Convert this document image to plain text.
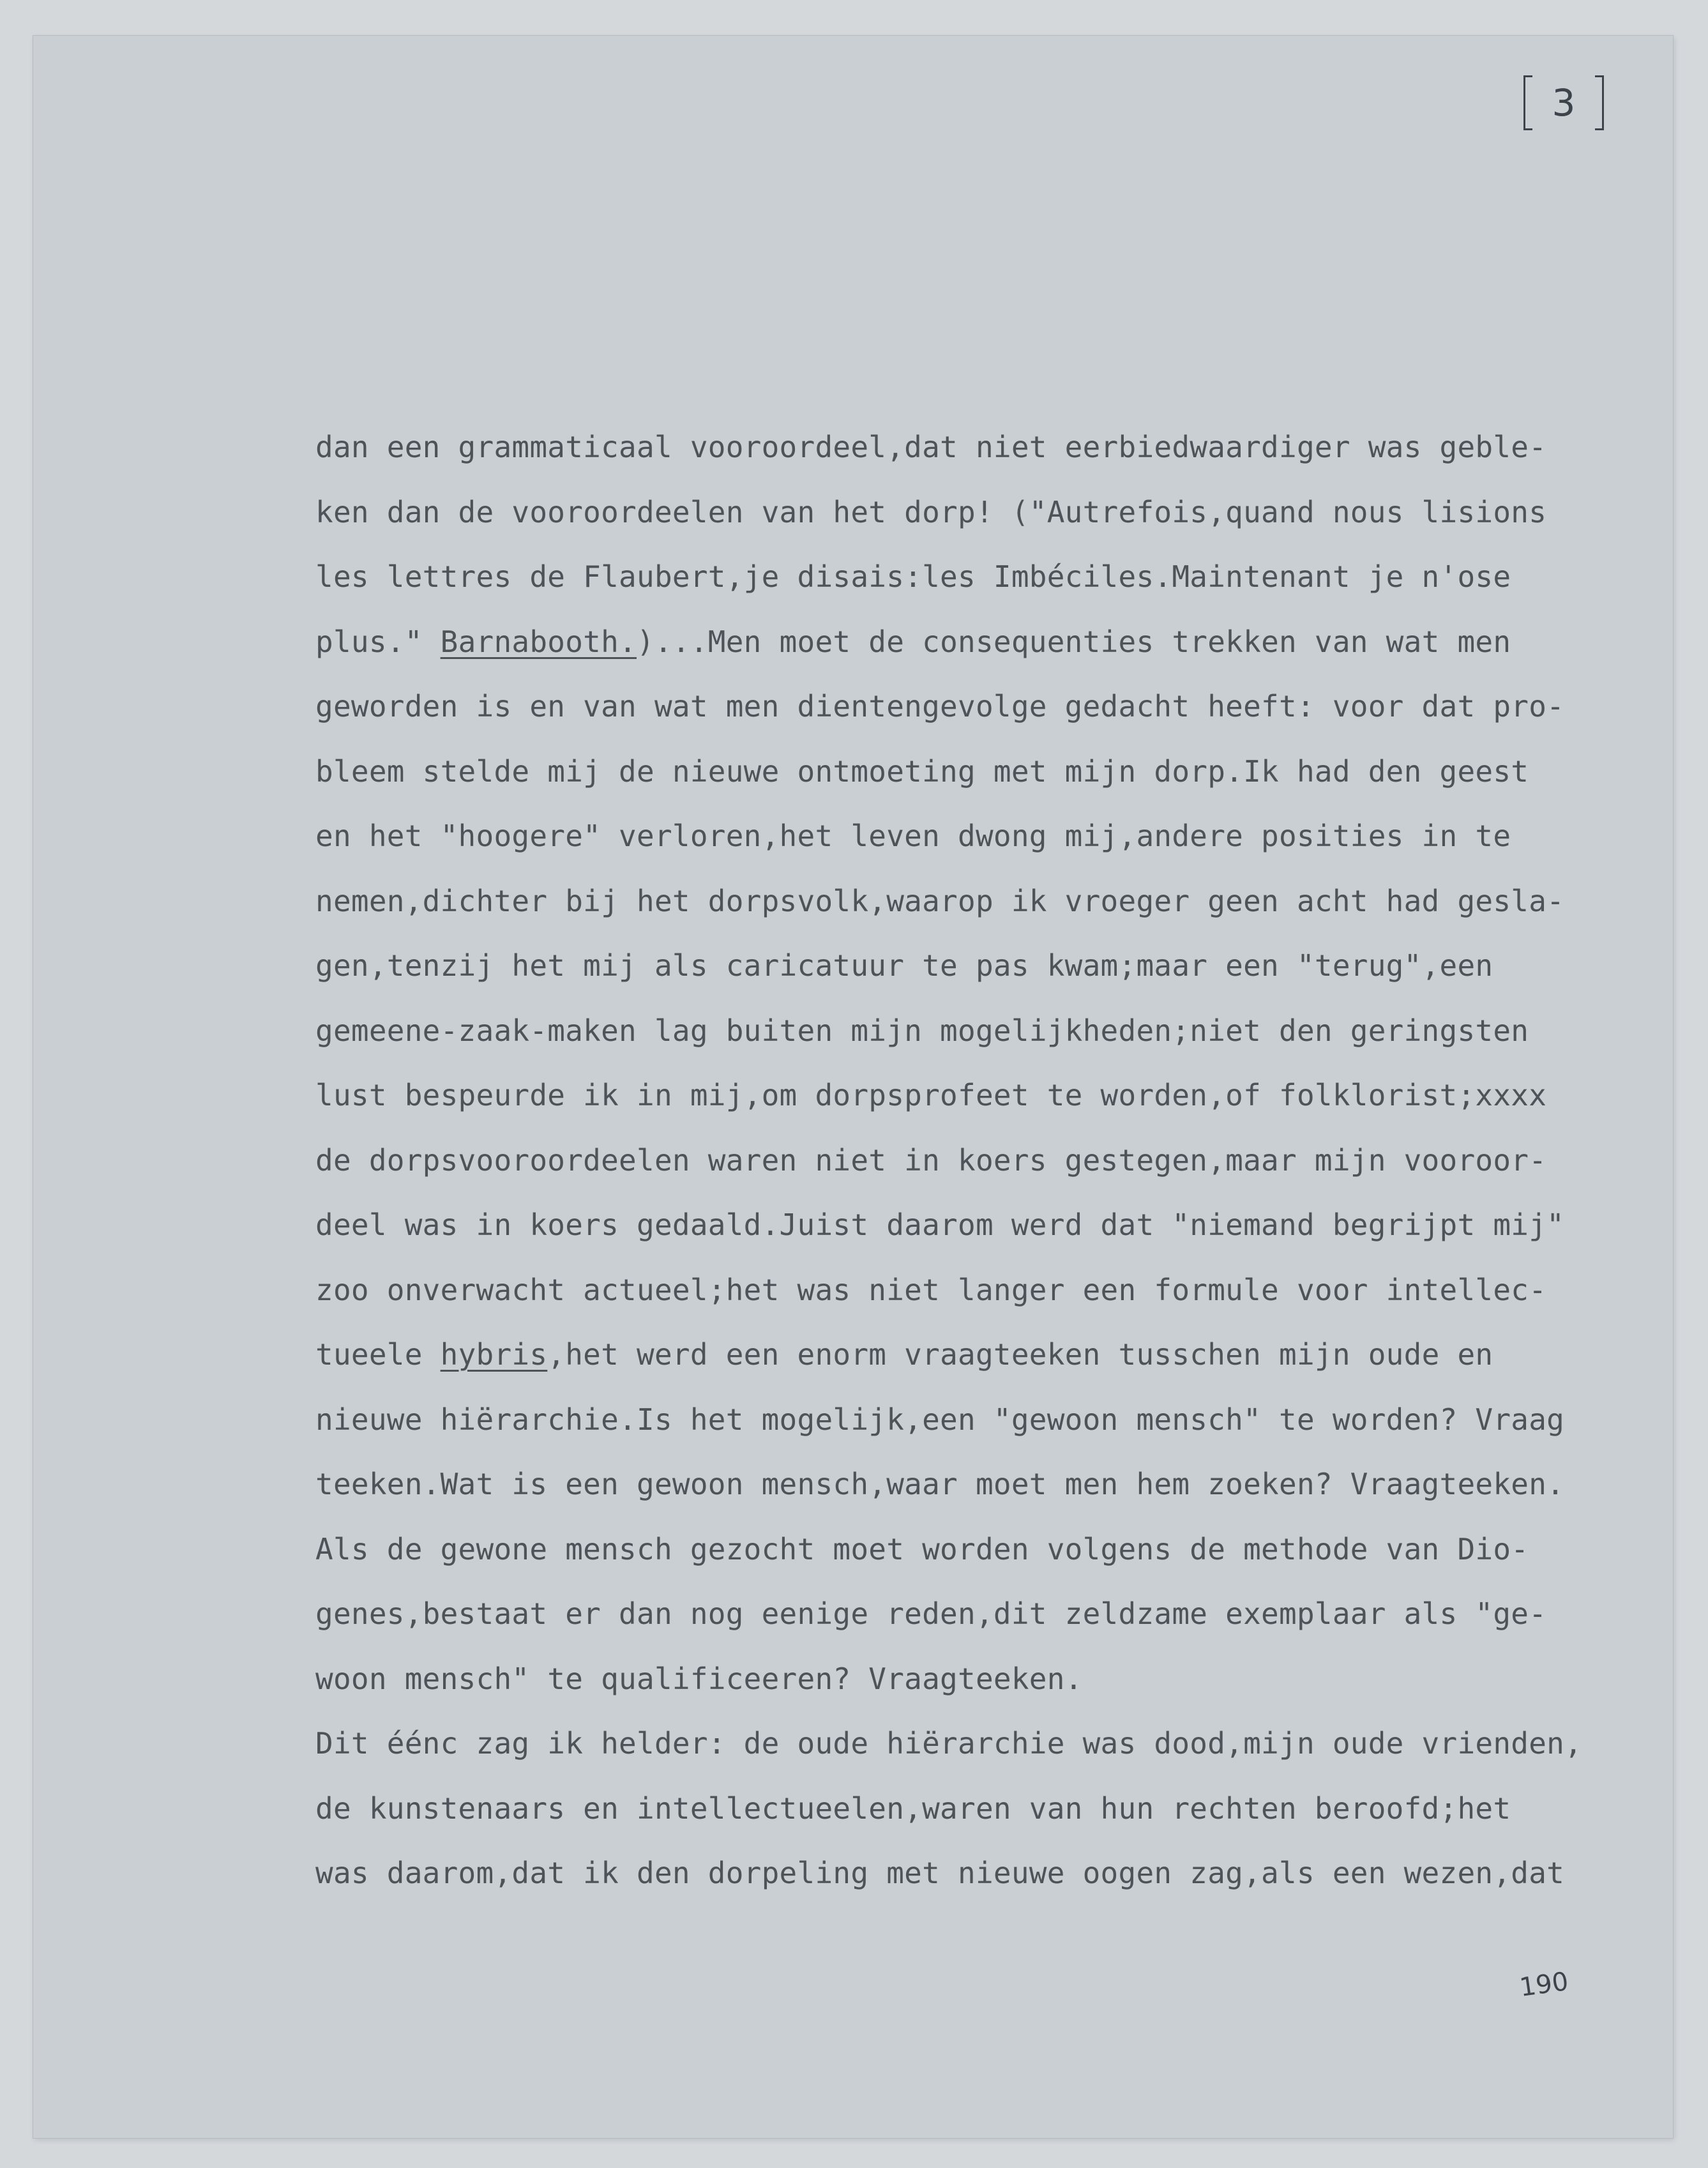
3
dan een grammaticaal vooroordeel,dat niet eerbiedwaardiger was geble-
ken dan de vooroordeelen van het dorp! ("Autrefois,quand nous lisions
les lettres de Flaubert,je disais:les Imbéciles.Maintenant je n'ose
plus." Barnabooth.)...Men moet de consequenties trekken van wat men
geworden is en van wat men dientengevolge gedacht heeft: voor dat pro-
bleem stelde mij de nieuwe ontmoeting met mijn dorp.Ik had den geest
en het "hoogere" verloren,het leven dwong mij,andere posities in te
nemen,dichter bij het dorpsvolk,waarop ik vroeger geen acht had gesla-
gen,tenzij het mij als caricatuur te pas kwam;maar een "terug",een
gemeene-zaak-maken lag buiten mijn mogelijkheden;niet den geringsten
lust bespeurde ik in mij,om dorpsprofeet te worden,of folklorist;xxxx
de dorpsvooroordeelen waren niet in koers gestegen,maar mijn vooroor-
deel was in koers gedaald.Juist daarom werd dat "niemand begrijpt mij"
zoo onverwacht actueel;het was niet langer een formule voor intellec-
tueele hybris,het werd een enorm vraagteeken tusschen mijn oude en
nieuwe hiërarchie.Is het mogelijk,een "gewoon mensch" te worden? Vraag
teeken.Wat is een gewoon mensch,waar moet men hem zoeken? Vraagteeken.
Als de gewone mensch gezocht moet worden volgens de methode van Dio-
genes,bestaat er dan nog eenige reden,dit zeldzame exemplaar als "ge-
woon mensch" te qualificeeren? Vraagteeken.
Dit éénc zag ik helder: de oude hiërarchie was dood,mijn oude vrienden,
de kunstenaars en intellectueelen,waren van hun rechten beroofd;het
was daarom,dat ik den dorpeling met nieuwe oogen zag,als een wezen,dat
190
